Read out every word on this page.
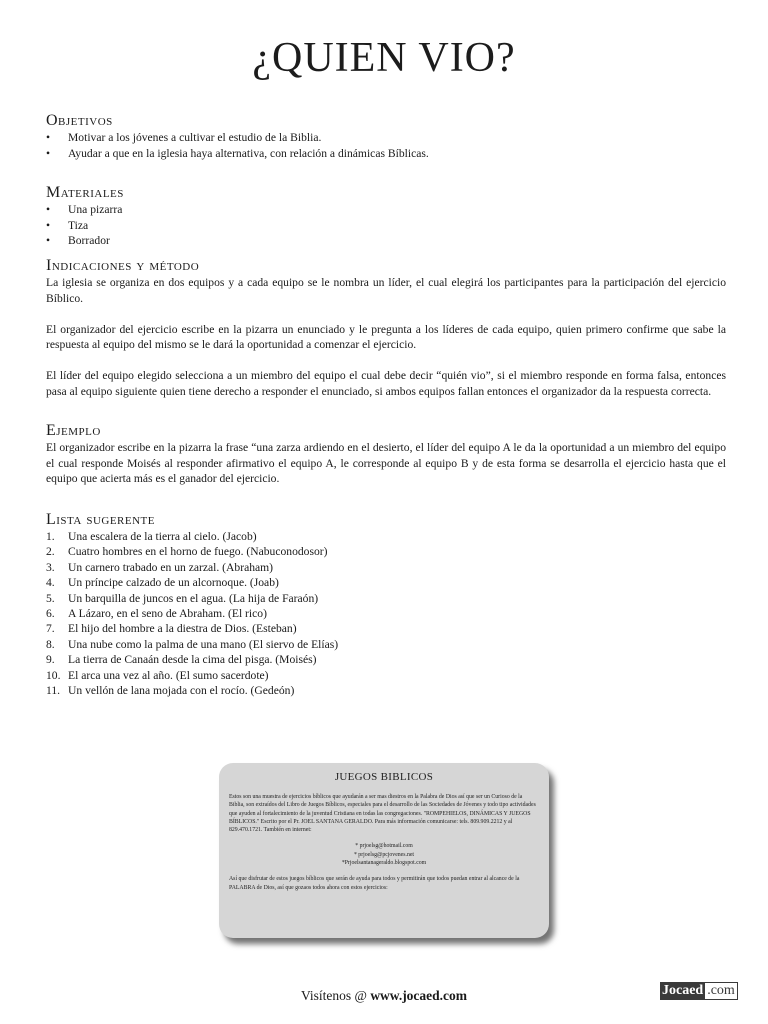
¿QUIEN VIO?
Objetivos
• Motivar a los jóvenes a cultivar el estudio de la Biblia.
• Ayudar a que en la iglesia haya alternativa, con relación a dinámicas Bíblicas.
Materiales
• Una pizarra
• Tiza
• Borrador
Indicaciones y método

La iglesia se organiza en dos equipos y a cada equipo se le nombra un líder, el cual elegirá los participantes para la participación del ejercicio Bíblico.

El organizador del ejercicio escribe en la pizarra un enunciado y le pregunta a los líderes de cada equipo, quien primero confirme que sabe la respuesta al equipo del mismo se le dará la oportunidad a comenzar el ejercicio.

El líder del equipo elegido selecciona a un miembro del equipo el cual debe decir “quién vio”, si el miembro responde en forma falsa, entonces pasa al equipo siguiente quien tiene derecho a responder el enunciado, si ambos equipos fallan entonces el organizador da la respuesta correcta.

Ejemplo

El organizador escribe en la pizarra la frase “una zarza ardiendo en el desierto, el líder del equipo A le da la oportunidad a un miembro del equipo el cual responde Moisés al responder afirmativo el equipo A, le corresponde al equipo B y de esta forma se desarrolla el ejercicio hasta que el equipo que acierta más es el ganador del ejercicio.

Lista sugerente
1. Una escalera de la tierra al cielo. (Jacob)
2. Cuatro hombres en el horno de fuego. (Nabuconodosor)
3. Un carnero trabado en un zarzal. (Abraham)
4. Un príncipe calzado de un alcornoque. (Joab)
5. Un barquilla de juncos en el agua. (La hija de Faraón)
6. A Lázaro, en el seno de Abraham. (El rico)
7. El hijo del hombre a la diestra de Dios. (Esteban)
8. Una nube como la palma de una mano (El siervo de Elías)
9. La tierra de Canaán desde la cima del pisga. (Moisés)
10. El arca una vez al año. (El sumo sacerdote)
11. Un vellón de lana mojada con el rocío. (Gedeón)
JUEGOS BIBLICOS
Estos son una muestra de ejercicios bíblicos que ayudarán a ser mas diestros en la Palabra de Dios así que ser un Curioso de la Biblia, son extraídos del Libro de Juegos Bíblicos, especiales para el desarrollo de las Sociedades de Jóvenes y todo tipo actividades que ayuden al fortalecimiento de la juventud Cristiana en todas las congregaciones. "ROMPEHIELOS, DINÁMICAS Y JUEGOS BÍBLICOS." Escrito por el Pr. JOEL SANTANA GERALDO. Para más información comunicarse: tels. 809.909.2212 y al 829.470.1721. También en internet:
* prjoelsg@hotmail.com
* prjoelsg@pcjovenes.net
*Prjoelsantanageraldo.blogspot.com
Así que disfrutar de estos juegos bíblicos que serán de ayuda para todos y permitirán que todos puedan entrar al alcance de la PALABRA de Dios, así que gozaos todos ahora con estos ejercicios:
Visítenos @ www.jocaed.com	Jocaed .com
